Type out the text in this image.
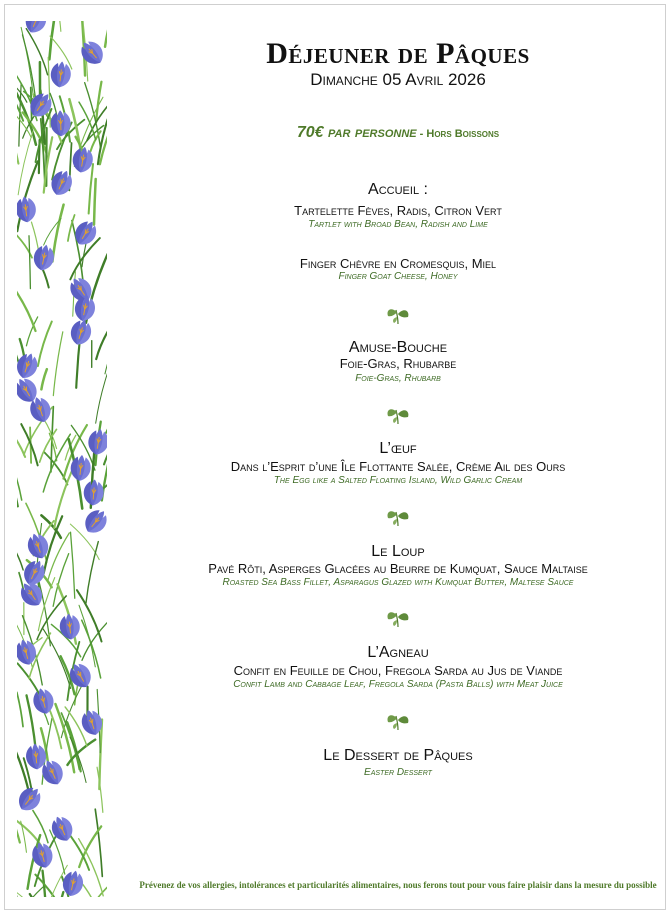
Déjeuner de Pâques
Dimanche 05 Avril 2026
70€ par personne - Hors Boissons
Accueil :
Tartelette Fèves, Radis, Citron Vert
Tartlet with Broad Bean, Radish and Lime
Finger Chèvre en Cromesquis, Miel
Finger Goat Cheese, Honey
Amuse-Bouche
Foie-Gras, Rhubarbe
Foie-Gras, Rhubarb
L’œuf
Dans l’Esprit d’une Île Flottante Salée, Crème Ail des Ours
The Egg like a Salted Floating Island, Wild Garlic Cream
Le Loup
Pavé Rôti, Asperges Glacées au Beurre de Kumquat, Sauce Maltaise
Roasted Sea Bass Fillet, Asparagus Glazed with Kumquat Butter, Maltese Sauce
L’Agneau
Confit en Feuille de Chou, Fregola Sarda au Jus de Viande
Confit Lamb and Cabbage Leaf, Fregola Sarda (Pasta Balls) with Meat Juice
Le Dessert de Pâques
Easter Dessert
Prévenez de vos allergies, intolérances et particularités alimentaires, nous ferons tout pour vous faire plaisir dans la mesure du possible
